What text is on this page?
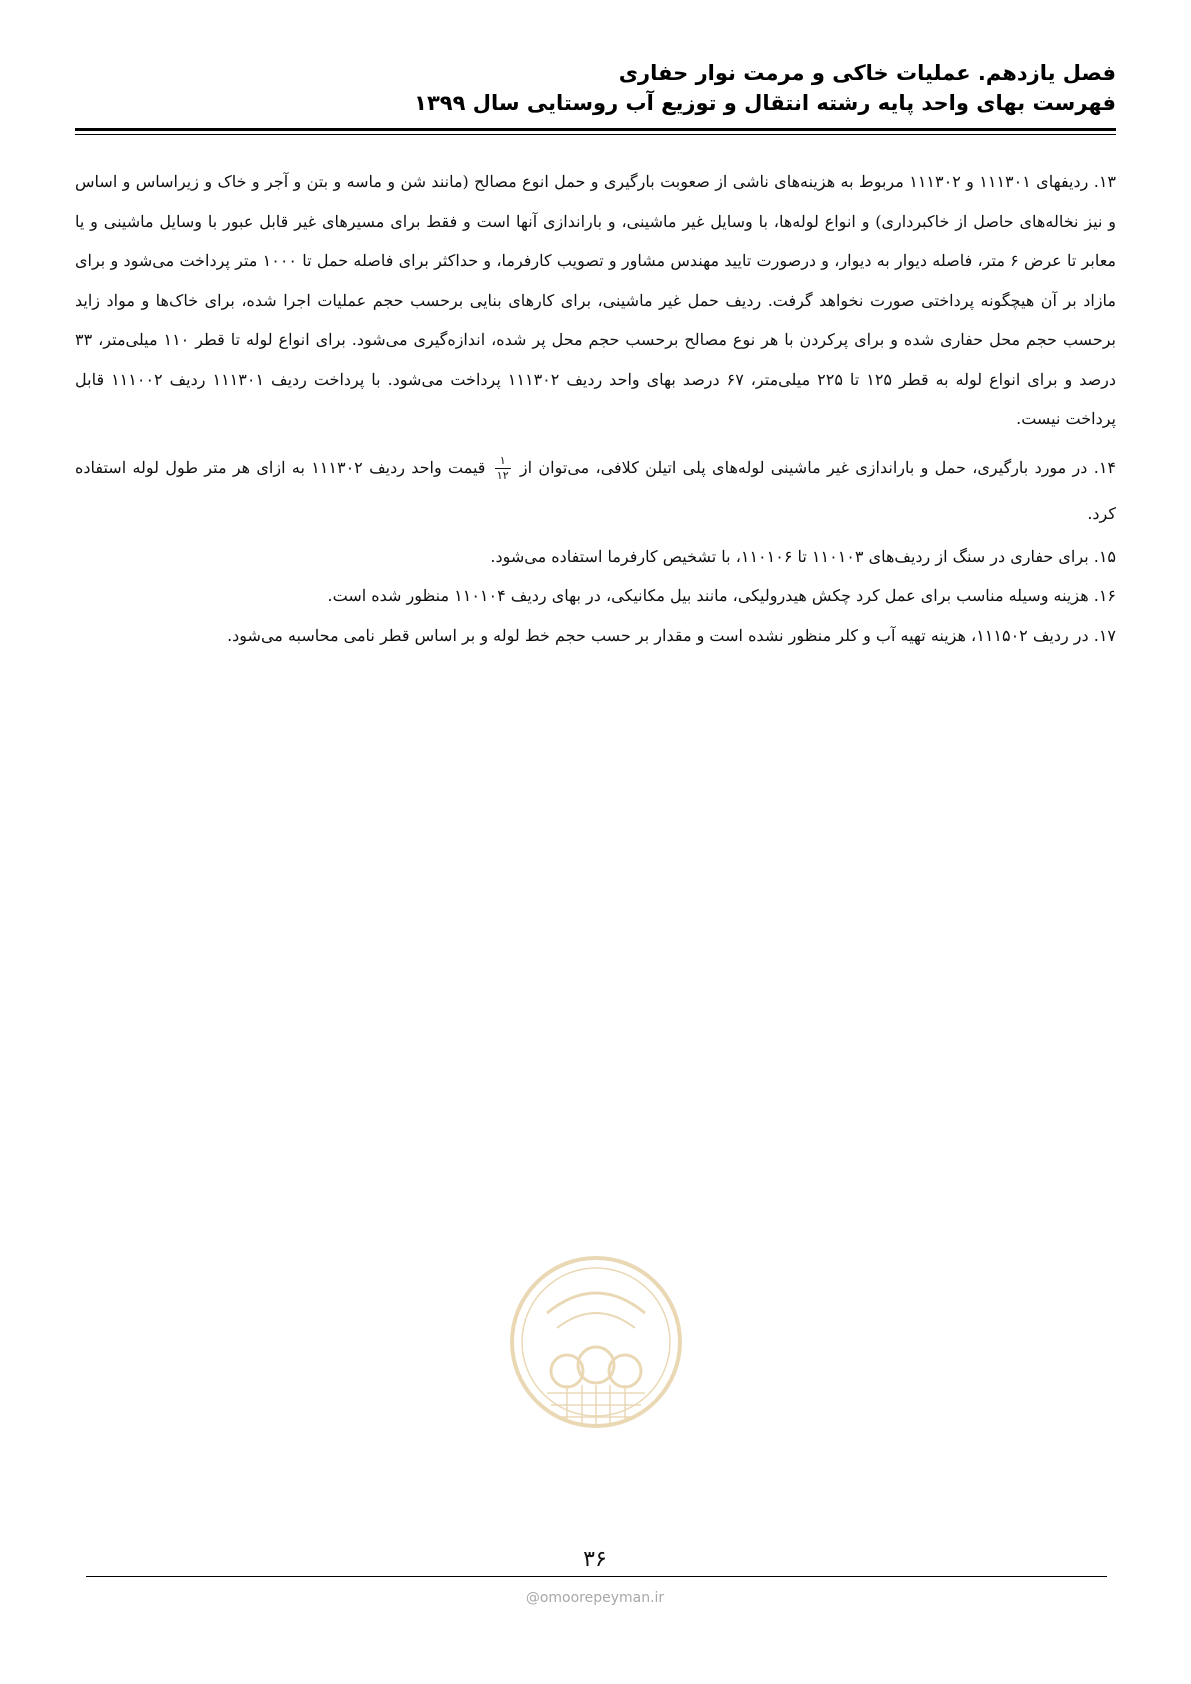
فصل یازدهم. عملیات خاکی و مرمت نوار حفاری
فهرست بهای واحد پایه رشته انتقال و توزیع آب روستایی سال ۱۳۹۹

۱۳. ردیفهای ۱۱۱۳۰۱ و ۱۱۱۳۰۲ مربوط به هزینه‌های ناشی از صعوبت بارگیری و حمل انوع مصالح (مانند شن و ماسه و بتن و آجر و خاک و زیراساس و اساس و نیز نخاله‌های حاصل از خاکبرداری) و انواع لوله‌ها، با وسایل غیر ماشینی، و باراندازی آنها است و فقط برای مسیرهای غیر قابل عبور با وسایل ماشینی و یا معابر تا عرض ۶ متر، فاصله دیوار به دیوار، و درصورت تایید مهندس مشاور و تصویب کارفرما، و حداکثر برای فاصله حمل تا ۱۰۰۰ متر پرداخت می‌شود و برای مازاد بر آن هیچگونه پرداختی صورت نخواهد گرفت. ردیف حمل غیر ماشینی، برای کارهای بنایی برحسب حجم عملیات اجرا شده، برای خاک‌ها و مواد زاید برحسب حجم محل حفاری شده و برای پرکردن با هر نوع مصالح برحسب حجم محل پر شده، اندازه‌گیری می‌شود. برای انواع لوله تا قطر ۱۱۰ میلی‌متر، ۳۳ درصد و برای انواع لوله به قطر ۱۲۵ تا ۲۲۵ میلی‌متر، ۶۷ درصد بهای واحد ردیف ۱۱۱۳۰۲ پرداخت می‌شود. با پرداخت ردیف ۱۱۱۳۰۱ ردیف ۱۱۱۰۰۲ قابل پرداخت نیست.

۱۴. در مورد بارگیری، حمل و باراندازی غیر ماشینی لوله‌های پلی اتیلن کلافی، می‌توان از
$\frac{۱}{۱۲}$
قیمت واحد ردیف ۱۱۱۳۰۲ به ازای هر متر طول لوله استفاده کرد.

۱۵. برای حفاری در سنگ از ردیف‌های ۱۱۰۱۰۳ تا ۱۱۰۱۰۶، با تشخیص کارفرما استفاده می‌شود.

۱۶. هزینه وسیله مناسب برای عمل کرد چکش هیدرولیکی، مانند بیل مکانیکی، در بهای ردیف ۱۱۰۱۰۴ منظور شده است.

۱۷. در ردیف ۱۱۱۵۰۲، هزینه تهیه آب و کلر منظور نشده است و مقدار بر حسب حجم خط لوله و بر اساس قطر نامی محاسبه می‌شود.

۳۶
@omoorepeyman.ir
